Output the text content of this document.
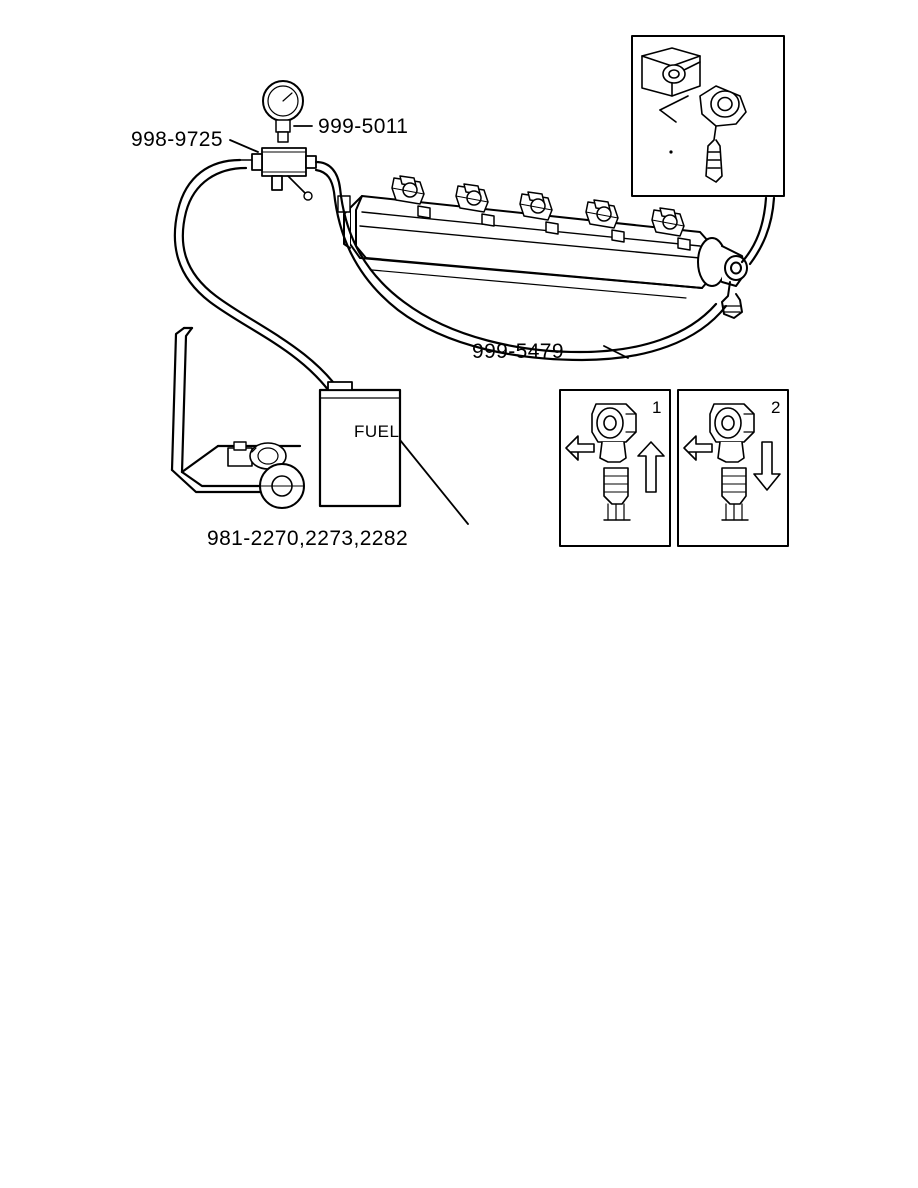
998-9725
999-5011
999-5479
981-2270,2273,2282
FUEL
1	2
